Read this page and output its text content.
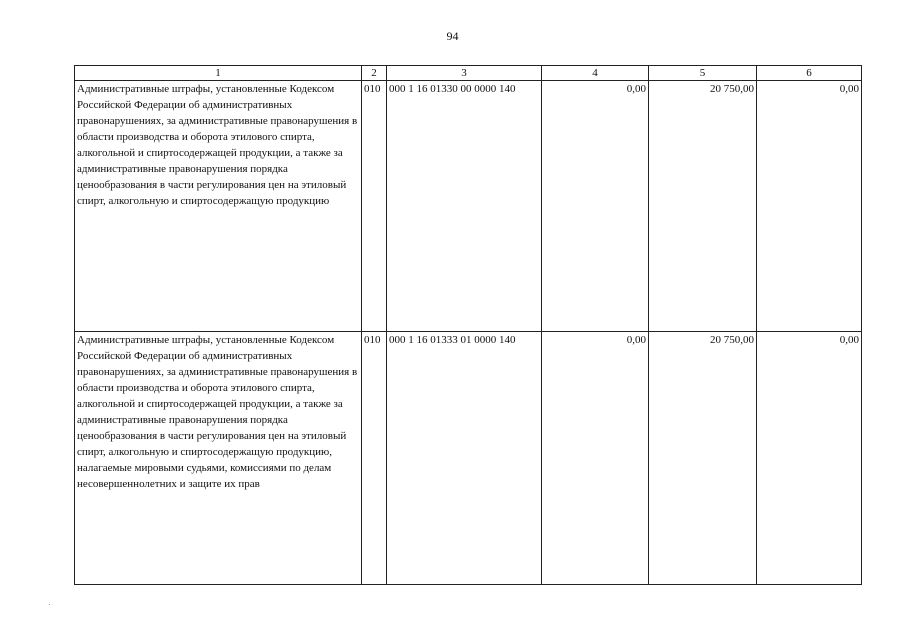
94
1	2	3	4	5	6
Административные штрафы, установленные Кодексом Российской Федерации об административных правонарушениях, за административные правонарушения в области производства и оборота этилового спирта, алкогольной и спиртосодержащей продукции, а также за административные правонарушения порядка ценообразования в части регулирования цен на этиловый спирт, алкогольную и спиртосодержащую продукцию	010	000 1 16 01330 00 0000 140	0,00	20 750,00	0,00
Административные штрафы, установленные Кодексом Российской Федерации об административных правонарушениях, за административные правонарушения в области производства и оборота этилового спирта, алкогольной и спиртосодержащей продукции, а также за административные правонарушения порядка ценообразования в части регулирования цен на этиловый спирт, алкогольную и спиртосодержащую продукцию, налагаемые мировыми судьями, комиссиями по делам несовершеннолетних и защите их прав	010	000 1 16 01333 01 0000 140	0,00	20 750,00	0,00
